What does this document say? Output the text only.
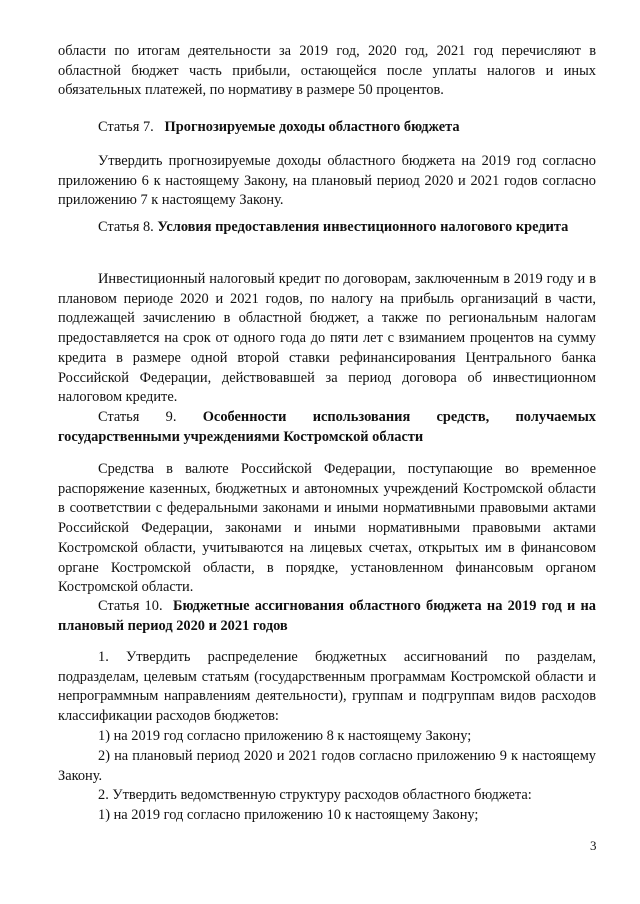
области по итогам деятельности за 2019 год, 2020 год, 2021 год перечисляют в областной бюджет часть прибыли, остающейся после уплаты налогов и иных обязательных платежей, по нормативу в размере 50 процентов.

Статья 7. Прогнозируемые доходы областного бюджета

Утвердить прогнозируемые доходы областного бюджета на 2019 год согласно приложению 6 к настоящему Закону, на плановый период 2020 и 2021 годов согласно приложению 7 к настоящему Закону.

Статья 8. Условия предоставления инвестиционного налогового кредита

Инвестиционный налоговый кредит по договорам, заключенным в 2019 году и в плановом периоде 2020 и 2021 годов, по налогу на прибыль организаций в части, подлежащей зачислению в областной бюджет, а также по региональным налогам предоставляется на срок от одного года до пяти лет с взиманием процентов на сумму кредита в размере одной второй ставки рефинансирования Центрального банка Российской Федерации, действовавшей за период договора об инвестиционном налоговом кредите.

Статья 9. Особенности использования средств, получаемых государственными учреждениями Костромской области

Средства в валюте Российской Федерации, поступающие во временное распоряжение казенных, бюджетных и автономных учреждений Костромской области в соответствии с федеральными законами и иными нормативными правовыми актами Российской Федерации, законами и иными нормативными правовыми актами Костромской области, учитываются на лицевых счетах, открытых им в финансовом органе Костромской области, в порядке, установленном финансовым органом Костромской области.

Статья 10. Бюджетные ассигнования областного бюджета на 2019 год и на плановый период 2020 и 2021 годов

1. Утвердить распределение бюджетных ассигнований по разделам, подразделам, целевым статьям (государственным программам Костромской области и непрограммным направлениям деятельности), группам и подгруппам видов расходов классификации расходов бюджетов:

1) на 2019 год согласно приложению 8 к настоящему Закону;

2) на плановый период 2020 и 2021 годов согласно приложению 9 к настоящему Закону.

2. Утвердить ведомственную структуру расходов областного бюджета:

1) на 2019 год согласно приложению 10 к настоящему Закону;

3
